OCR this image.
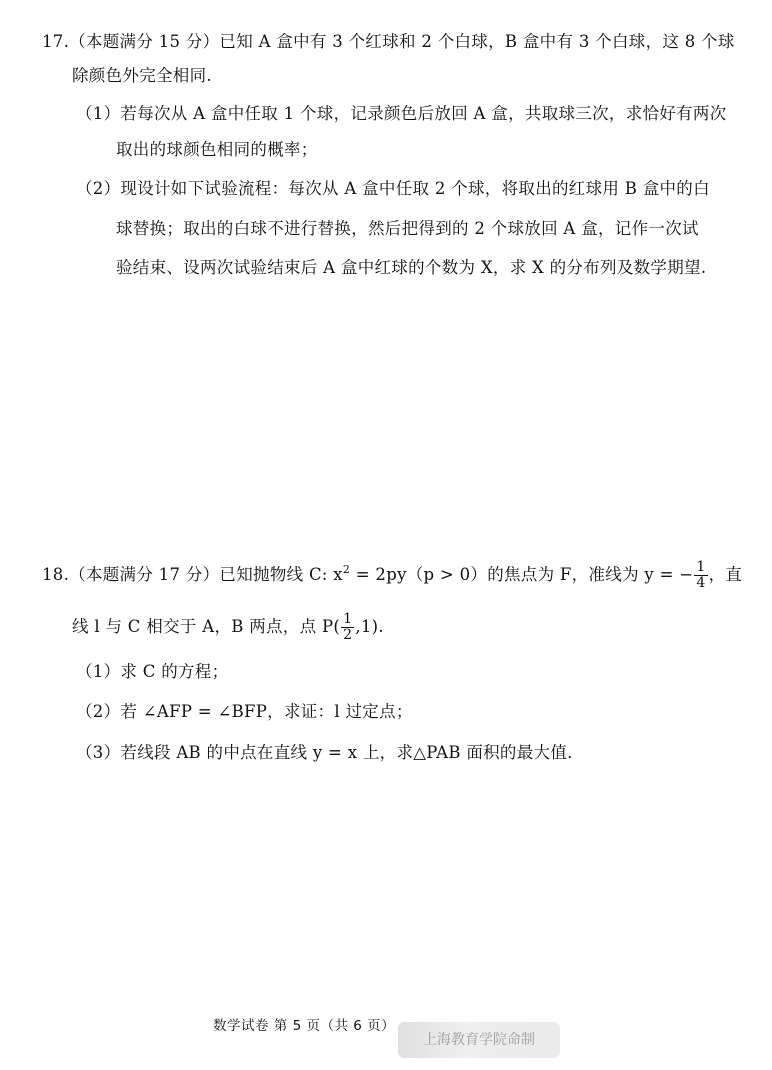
17.（本题满分 15 分）已知 A 盒中有 3 个红球和 2 个白球，B 盒中有 3 个白球，这 8 个球
除颜色外完全相同.
（1）若每次从 A 盒中任取 1 个球，记录颜色后放回 A 盒，共取球三次，求恰好有两次
取出的球颜色相同的概率；
（2）现设计如下试验流程：每次从 A 盒中任取 2 个球，将取出的红球用 B 盒中的白
球替换；取出的白球不进行替换，然后把得到的 2 个球放回 A 盒，记作一次试
验结束、设两次试验结束后 A 盒中红球的个数为 X，求 X 的分布列及数学期望.
18.（本题满分 17 分）已知抛物线 C: $x^2 = 2py(p > 0)$的焦点为 F，准线为 y = − $\frac{1}{4}$ ，直
线 l 与 C 相交于 A，B 两点，点 $P( \frac{1}{2} ,1)$.
（1）求 C 的方程；
（2）若 ∠AFP = ∠BFP，求证：l 过定点；
（3）若线段 AB 的中点在直线 y = x 上，求△PAB 面积的最大值.
数学试卷 第 5 页（共 6 页）
上海教育学院命制
